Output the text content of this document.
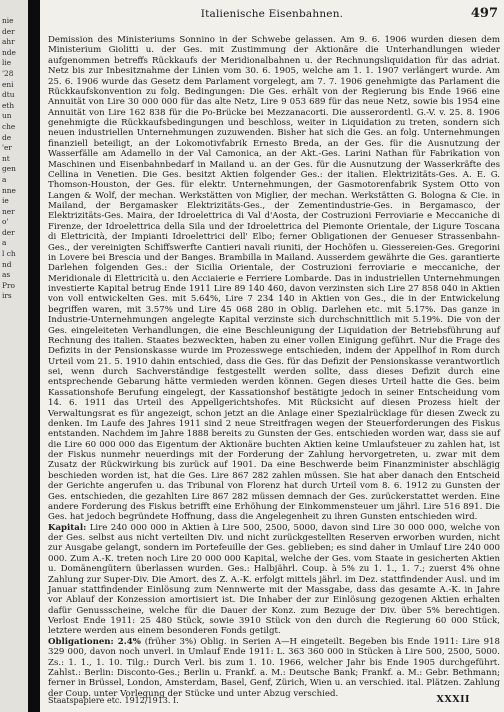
nie
der
ahr
nde
lie
'28
eni
dtu
eth
un
che
de
'er
nt
gen
a
nne
ie
ner
o'
der
a
l ch
nd
as
Pro
irs
Italienische Eisenbahnen.	497

Demission des Ministeriums Sonnino in der Schwebe gelassen. Am 9. 6. 1906 wurden diesen dem Ministerium Giolitti u. der Ges. mit Zustimmung der Aktionäre die Unterhandlungen wieder aufgenommen betreffs Rückkaufs der Meridionalbahnen u. der Rechnungsliquidation für das adriat. Netz bis zur Inbesitznahme der Linien vom 30. 6. 1905, welche am 1. 1. 1907 verlängert wurde. Am 25. 6. 1906 wurde das Gesetz dem Parlament vorgelegt, am 7. 7. 1906 genehmigte das Parlament die Rückkaufskonvention zu folg. Bedingungen: Die Ges. erhält von der Regierung bis Ende 1966 eine Annuität von Lire 30 000 000 für das alte Netz, Lire 9 053 689 für das neue Netz, sowie bis 1954 eine Annuität von Lire 162 838 für die Po-Brücke bei Mezzanacorti. Die ausserordentl. G.-V. v. 25. 8. 1906 genehmigte die Rückkaufsbedingungen und beschloss, weiter in Liquidation zu treten, sondern sich neuen industriellen Unternehmungen zuzuwenden. Bisher hat sich die Ges. an folg. Unternehmungen finanziell beteiligt, an der Lokomotivfabrik Ernesto Breda, an der Ges. für die Ausnutzung der Wasserfälle am Adamello in der Val Camonica, an der Akt.-Ges. Larini Nathan für Fabrikation von Maschinen und Eisenbahnbedarf in Mailand u. an der Ges. für die Ausnutzung der Wasserkräfte des Cellina in Venetien. Die Ges. besitzt Aktien folgender Ges.: der italien. Elektrizitäts-Ges. A. E. G. Thomson-Houston, der Ges. für elektr. Unternehmungen, der Gasmotorenfabrik System Otto von Langen & Wolf, der mechan. Werkstätten von Miglier, der mechan. Werkstätten G. Bologna & Cie. in Mailand, der Bergamasker Elektrizitäts-Ges., der Zementindustrie-Ges. in Bergamasco, der Elektrizitäts-Ges. Maira, der Idroelettrica di Val d'Aosta, der Costruzioni Ferroviarie e Meccaniche di Firenze, der Idroelettrica della Sila und der Idroelettrica del Piemonte Orientale, der Ligure Toscana di Elettricità, der Impianti Idroelettrici dell' Elbo; ferner Obligationen der Genueser Strassenbahn-Ges., der vereinigten Schiffswerfte Cantieri navali riuniti, der Hochöfen u. Giessereien-Ges. Gregorini in Lovere bei Brescia und der Banges. Brambilla in Mailand. Ausserdem gewährte die Ges. garantierte Darlehen folgenden Ges.: der Sicilia Orientale, der Costruzioni ferroviarie e meccaniche, der Meridionale di Elettricità u. den Acciaierie e Ferriere Lombarde. Das in industriellen Unternehmungen investierte Kapital betrug Ende 1911 Lire 89 140 460, davon verzinsten sich Lire 27 858 040 in Aktien von voll entwickelten Ges. mit 5.64%, Lire 7 234 140 in Aktien von Ges., die in der Entwickelung begriffen waren, mit 3.57% und Lire 45 068 280 in Oblig. Darlehen etc. mit 5.17%. Das ganze in Industrie-Unternehmungen angelegte Kapital verzinste sich durchschnittlich mit 5.19%. Die von der Ges. eingeleiteten Verhandlungen, die eine Beschleunigung der Liquidation der Betriebsführung auf Rechnung des italien. Staates bezweckten, haben zu einer vollen Einigung geführt. Nur die Frage des Defizits in der Pensionskasse wurde im Prozesswege entschieden, indem der Appellhof in Rom durch Urteil vom 21. 5. 1910 dahin entschied, dass die Ges. für das Defizit der Pensionskasse verantwortlich sei, wenn durch Sachverständige festgestellt werden sollte, dass dieses Defizit durch eine entsprechende Gebarung hätte vermieden werden können. Gegen dieses Urteil hatte die Ges. beim Kassationshofe Berufung eingelegt, der Kassationshof bestätigte jedoch in seiner Entscheidung vom 14. 6. 1911 das Urteil des Appellgerichtshofes. Mit Rücksicht auf diesen Prozess hielt der Verwaltungsrat es für angezeigt, schon jetzt an die Anlage einer Spezialrücklage für diesen Zweck zu denken. Im Laufe des Jahres 1911 sind 2 neue Streitfragen wegen der Steuerforderungen des Fiskus entstanden. Nachdem im Jahre 1888 bereits zu Gunsten der Ges. entschieden worden war, dass sie auf die Lire 60 000 000 das Eigentum der Aktionäre buchten Aktien keine Umlaufsteuer zu zahlen hat, ist der Fiskus nunmehr neuerdings mit der Forderung der Zahlung hervorgetreten, u. zwar mit dem Zusatz der Rückwirkung bis zurück auf 1901. Da eine Beschwerde beim Finanzminister abschlägig beschieden worden ist, hat die Ges. Lire 867 282 zahlen müssen. Sie hat aber danach den Entscheid der Gerichte angerufen u. das Tribunal von Florenz hat durch Urteil vom 8. 6. 1912 zu Gunsten der Ges. entschieden, die gezahlten Lire 867 282 müssen demnach der Ges. zurückerstattet werden. Eine andere Forderung des Fiskus betrifft eine Erhöhung der Einkommensteuer um jährl. Lire 516 891. Die Ges. hat jedoch begründete Hoffnung, dass die Angelegenheit zu ihren Gunsten entschieden wird.

Kapital: Lire 240 000 000 in Aktien à Lire 500, 2500, 5000, davon sind Lire 30 000 000, welche von der Ges. selbst aus nicht verteilten Div. und nicht zurückgestellten Reserven erworben wurden, nicht zur Ausgabe gelangt, sondern im Portefeuille der Ges. geblieben; es sind daher in Umlauf Lire 240 000 000. Zum A.-K. treten noch Lire 20 000 000 Kapital, welche der Ges. vom Staate in gesicherten Aktien u. Domänengütern überlassen wurden. Ges.: Halbjährl. Coup. à 5% zu 1. 1., 1. 7.; zuerst 4% ohne Zahlung zur Super-Div. Die Amort. des Z. A.-K. erfolgt mittels jährl. im Dez. stattfindender Ausl. und im Januar stattfindender Einlösung zum Nennwerte mit der Massgabe, dass das gesamte A.-K. in Jahre vor Ablauf der Konzession amortisiert ist. Die Inhaber der zur Einlösung gezogenen Aktien erhalten dafür Genussscheine, welche für die Dauer der Konz. zum Bezuge der Div. über 5% berechtigen. Verlost Ende 1911: 25 480 Stück, sowie 3910 Stück von den durch die Regierung 60 000 Stück, letztere werden aus einem besonderen Fonds getilgt.

Obligationen: 2.4% (früher 3%) Oblig. in Serien A—H eingeteilt. Begeben bis Ende 1911: Lire 918 329 000, davon noch unverl. in Umlauf Ende 1911: L. 363 360 000 in Stücken à Lire 500, 2500, 5000. Zs.: 1. 1., 1. 10. Tilg.: Durch Verl. bis zum 1. 10. 1966, welcher Jahr bis Ende 1905 durchgeführt. Zahlst.: Berlin: Disconto-Ges.; Berlin u. Frankf. a. M.: Deutsche Bank; Frankf. a. M.: Gebr. Bethmann; ferner in Brüssel, London, Amsterdam, Basel, Genf, Zürich, Wien u. an verschied. ital. Plätzen. Zahlung der Coup. unter Vorlegung der Stücke und unter Abzug verschied.

Staatspapiere etc. 1912/1913. I.	XXXII
